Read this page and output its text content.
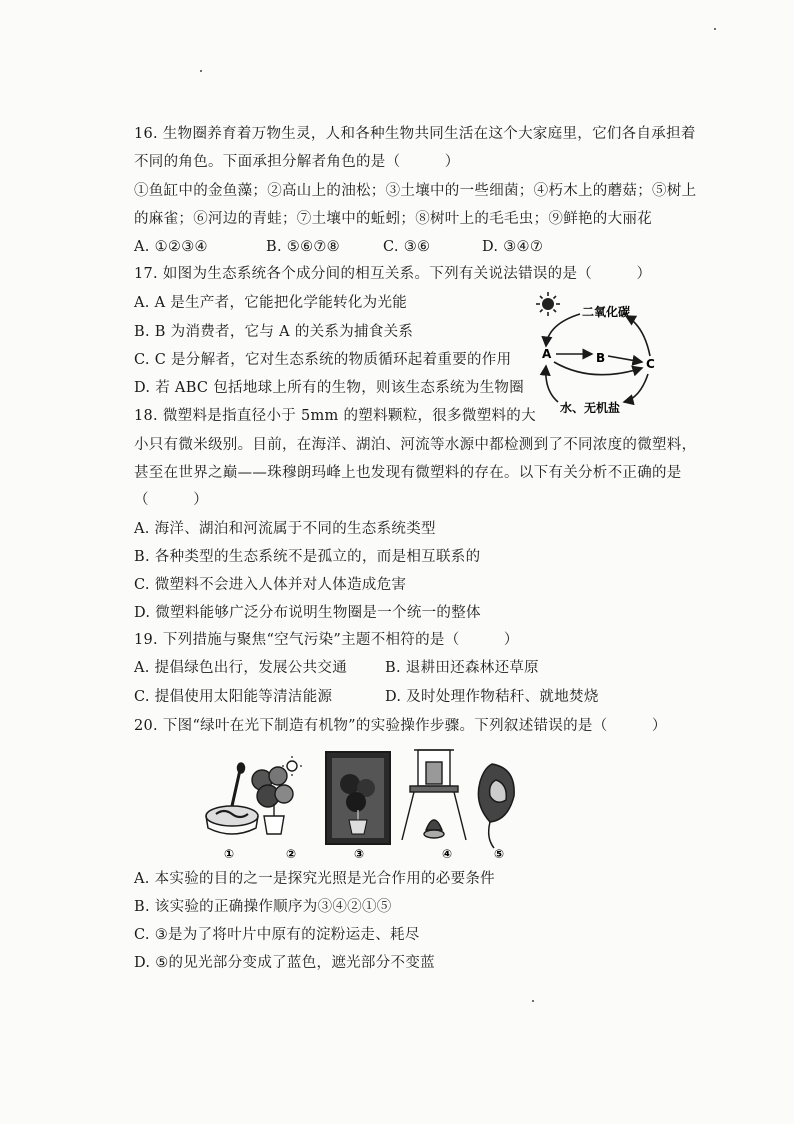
16. 生物圈养育着万物生灵，人和各种生物共同生活在这个大家庭里，它们各自承担着
不同的角色。下面承担分解者角色的是（　　　）
①鱼缸中的金鱼藻；②高山上的油松；③土壤中的一些细菌；④朽木上的蘑菇；⑤树上
的麻雀；⑥河边的青蛙；⑦土壤中的蚯蚓；⑧树叶上的毛毛虫；⑨鲜艳的大丽花
A. ①②③④	B. ⑤⑥⑦⑧	C. ③⑥	D. ③④⑦
17. 如图为生态系统各个成分间的相互关系。下列有关说法错误的是（　　　）
A. A 是生产者，它能把化学能转化为光能
B. B 为消费者，它与 A 的关系为捕食关系
C. C 是分解者，它对生态系统的物质循环起着重要的作用
D. 若 ABC 包括地球上所有的生物，则该生态系统为生物圈
二氧化碳
A	B	C
水、无机盐
18. 微塑料是指直径小于 5mm 的塑料颗粒，很多微塑料的大
小只有微米级别。目前，在海洋、湖泊、河流等水源中都检测到了不同浓度的微塑料，
甚至在世界之巅——珠穆朗玛峰上也发现有微塑料的存在。以下有关分析不正确的是
（　　　）
A. 海洋、湖泊和河流属于不同的生态系统类型
B. 各种类型的生态系统不是孤立的，而是相互联系的
C. 微塑料不会进入人体并对人体造成危害
D. 微塑料能够广泛分布说明生物圈是一个统一的整体
19. 下列措施与聚焦“空气污染”主题不相符的是（　　　）
A. 提倡绿色出行，发展公共交通	B. 退耕田还森林还草原
C. 提倡使用太阳能等清洁能源	D. 及时处理作物秸秆、就地焚烧
20. 下图“绿叶在光下制造有机物”的实验操作步骤。下列叙述错误的是（　　　）
①	②	③	④	⑤
A. 本实验的目的之一是探究光照是光合作用的必要条件
B. 该实验的正确操作顺序为③④②①⑤
C. ③是为了将叶片中原有的淀粉运走、耗尽
D. ⑤的见光部分变成了蓝色，遮光部分不变蓝
